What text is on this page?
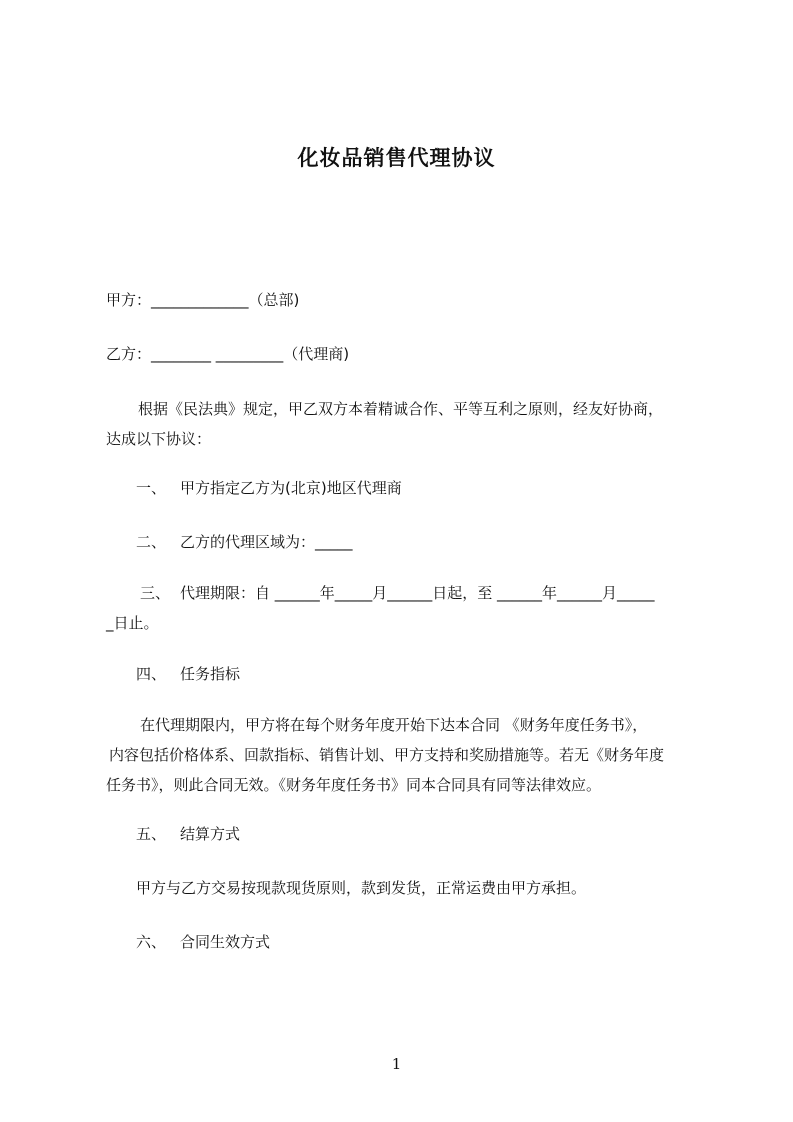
化妆品销售代理协议
甲方：_____________（总部)
乙方：________ _________（代理商)
根据《民法典》规定，甲乙双方本着精诚合作、平等互利之原则，经友好协商，
达成以下协议：
一、 甲方指定乙方为(北京)地区代理商
二、 乙方的代理区域为：_____
三、 代理期限：自 ______年_____月______日起，至 ______年______月_____
_日止。
四、 任务指标
在代理期限内，甲方将在每个财务年度开始下达本合同 《财务年度任务书》，
内容包括价格体系、回款指标、销售计划、甲方支持和奖励措施等。若无《财务年度
任务书》，则此合同无效。《财务年度任务书》同本合同具有同等法律效应。
五、 结算方式
甲方与乙方交易按现款现货原则，款到发货，正常运费由甲方承担。
六、 合同生效方式
1
